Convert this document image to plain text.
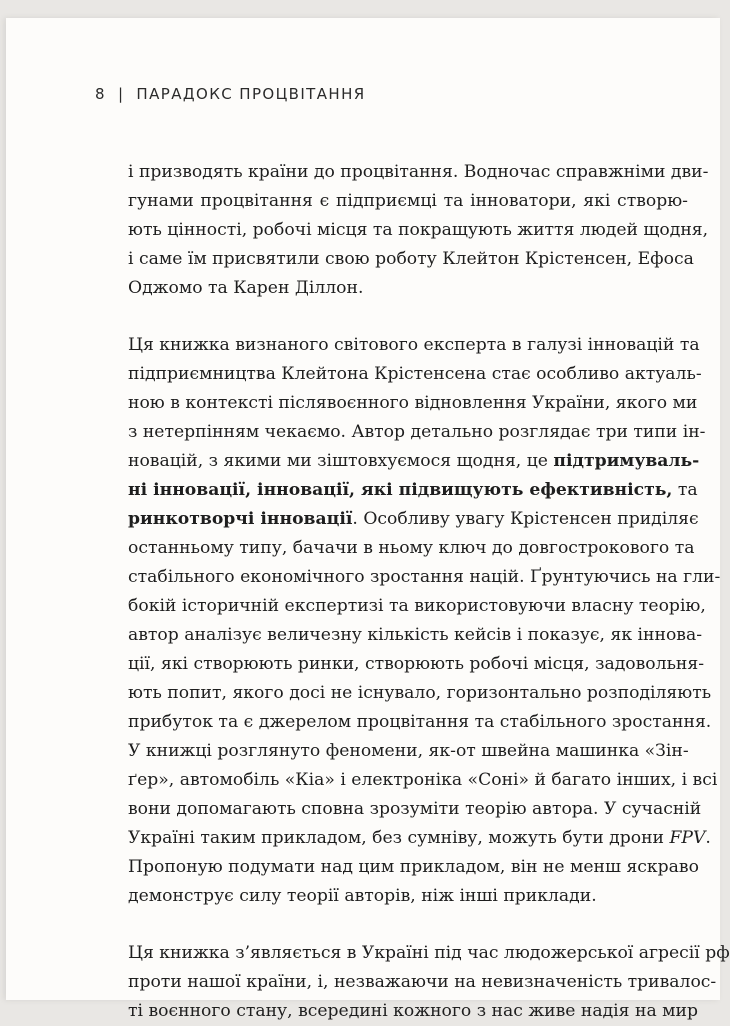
8 | ПАРАДОКС ПРОЦВІТАННЯ
і призводять країни до процвітання. Водночас справжніми дви-
гунами процвітання є підприємці та інноватори, які створю-
ють цінності, робочі місця та покращують життя людей щодня,
і саме їм присвятили свою роботу Клейтон Крістенсен, Ефоса
Оджомо та Карен Діллон.
Ця книжка визнаного світового експерта в галузі інновацій та
підприємництва Клейтона Крістенсена стає особливо актуаль-
ною в контексті післявоєнного відновлення України, якого ми
з нетерпінням чекаємо. Автор детально розглядає три типи ін-
новацій, з якими ми зіштовхуємося щодня, це підтримуваль-
ні інновації, інновації, які підвищують ефективність, та
ринкотворчі інновації. Особливу увагу Крістенсен приділяє
останньому типу, бачачи в ньому ключ до довгострокового та
стабільного економічного зростання націй. Ґрунтуючись на гли-
бокій історичній експертизі та використовуючи власну теорію,
автор аналізує величезну кількість кейсів і показує, як іннова-
ції, які створюють ринки, створюють робочі місця, задовольня-
ють попит, якого досі не існувало, горизонтально розподіляють
прибуток та є джерелом процвітання та стабільного зростання.
У книжці розглянуто феномени, як-от швейна машинка «Зін-
ґер», автомобіль «Кіа» і електроніка «Соні» й багато інших, і всі
вони допомагають сповна зрозуміти теорію автора. У сучасній
Україні таким прикладом, без сумніву, можуть бути дрони FPV.
Пропоную подумати над цим прикладом, він не менш яскраво
демонструє силу теорії авторів, ніж інші приклади.
Ця книжка з’являється в Україні під час людожерської агресії рф
проти нашої країни, і, незважаючи на невизначеність тривалос-
ті воєнного стану, всередині кожного з нас живе надія на мир
